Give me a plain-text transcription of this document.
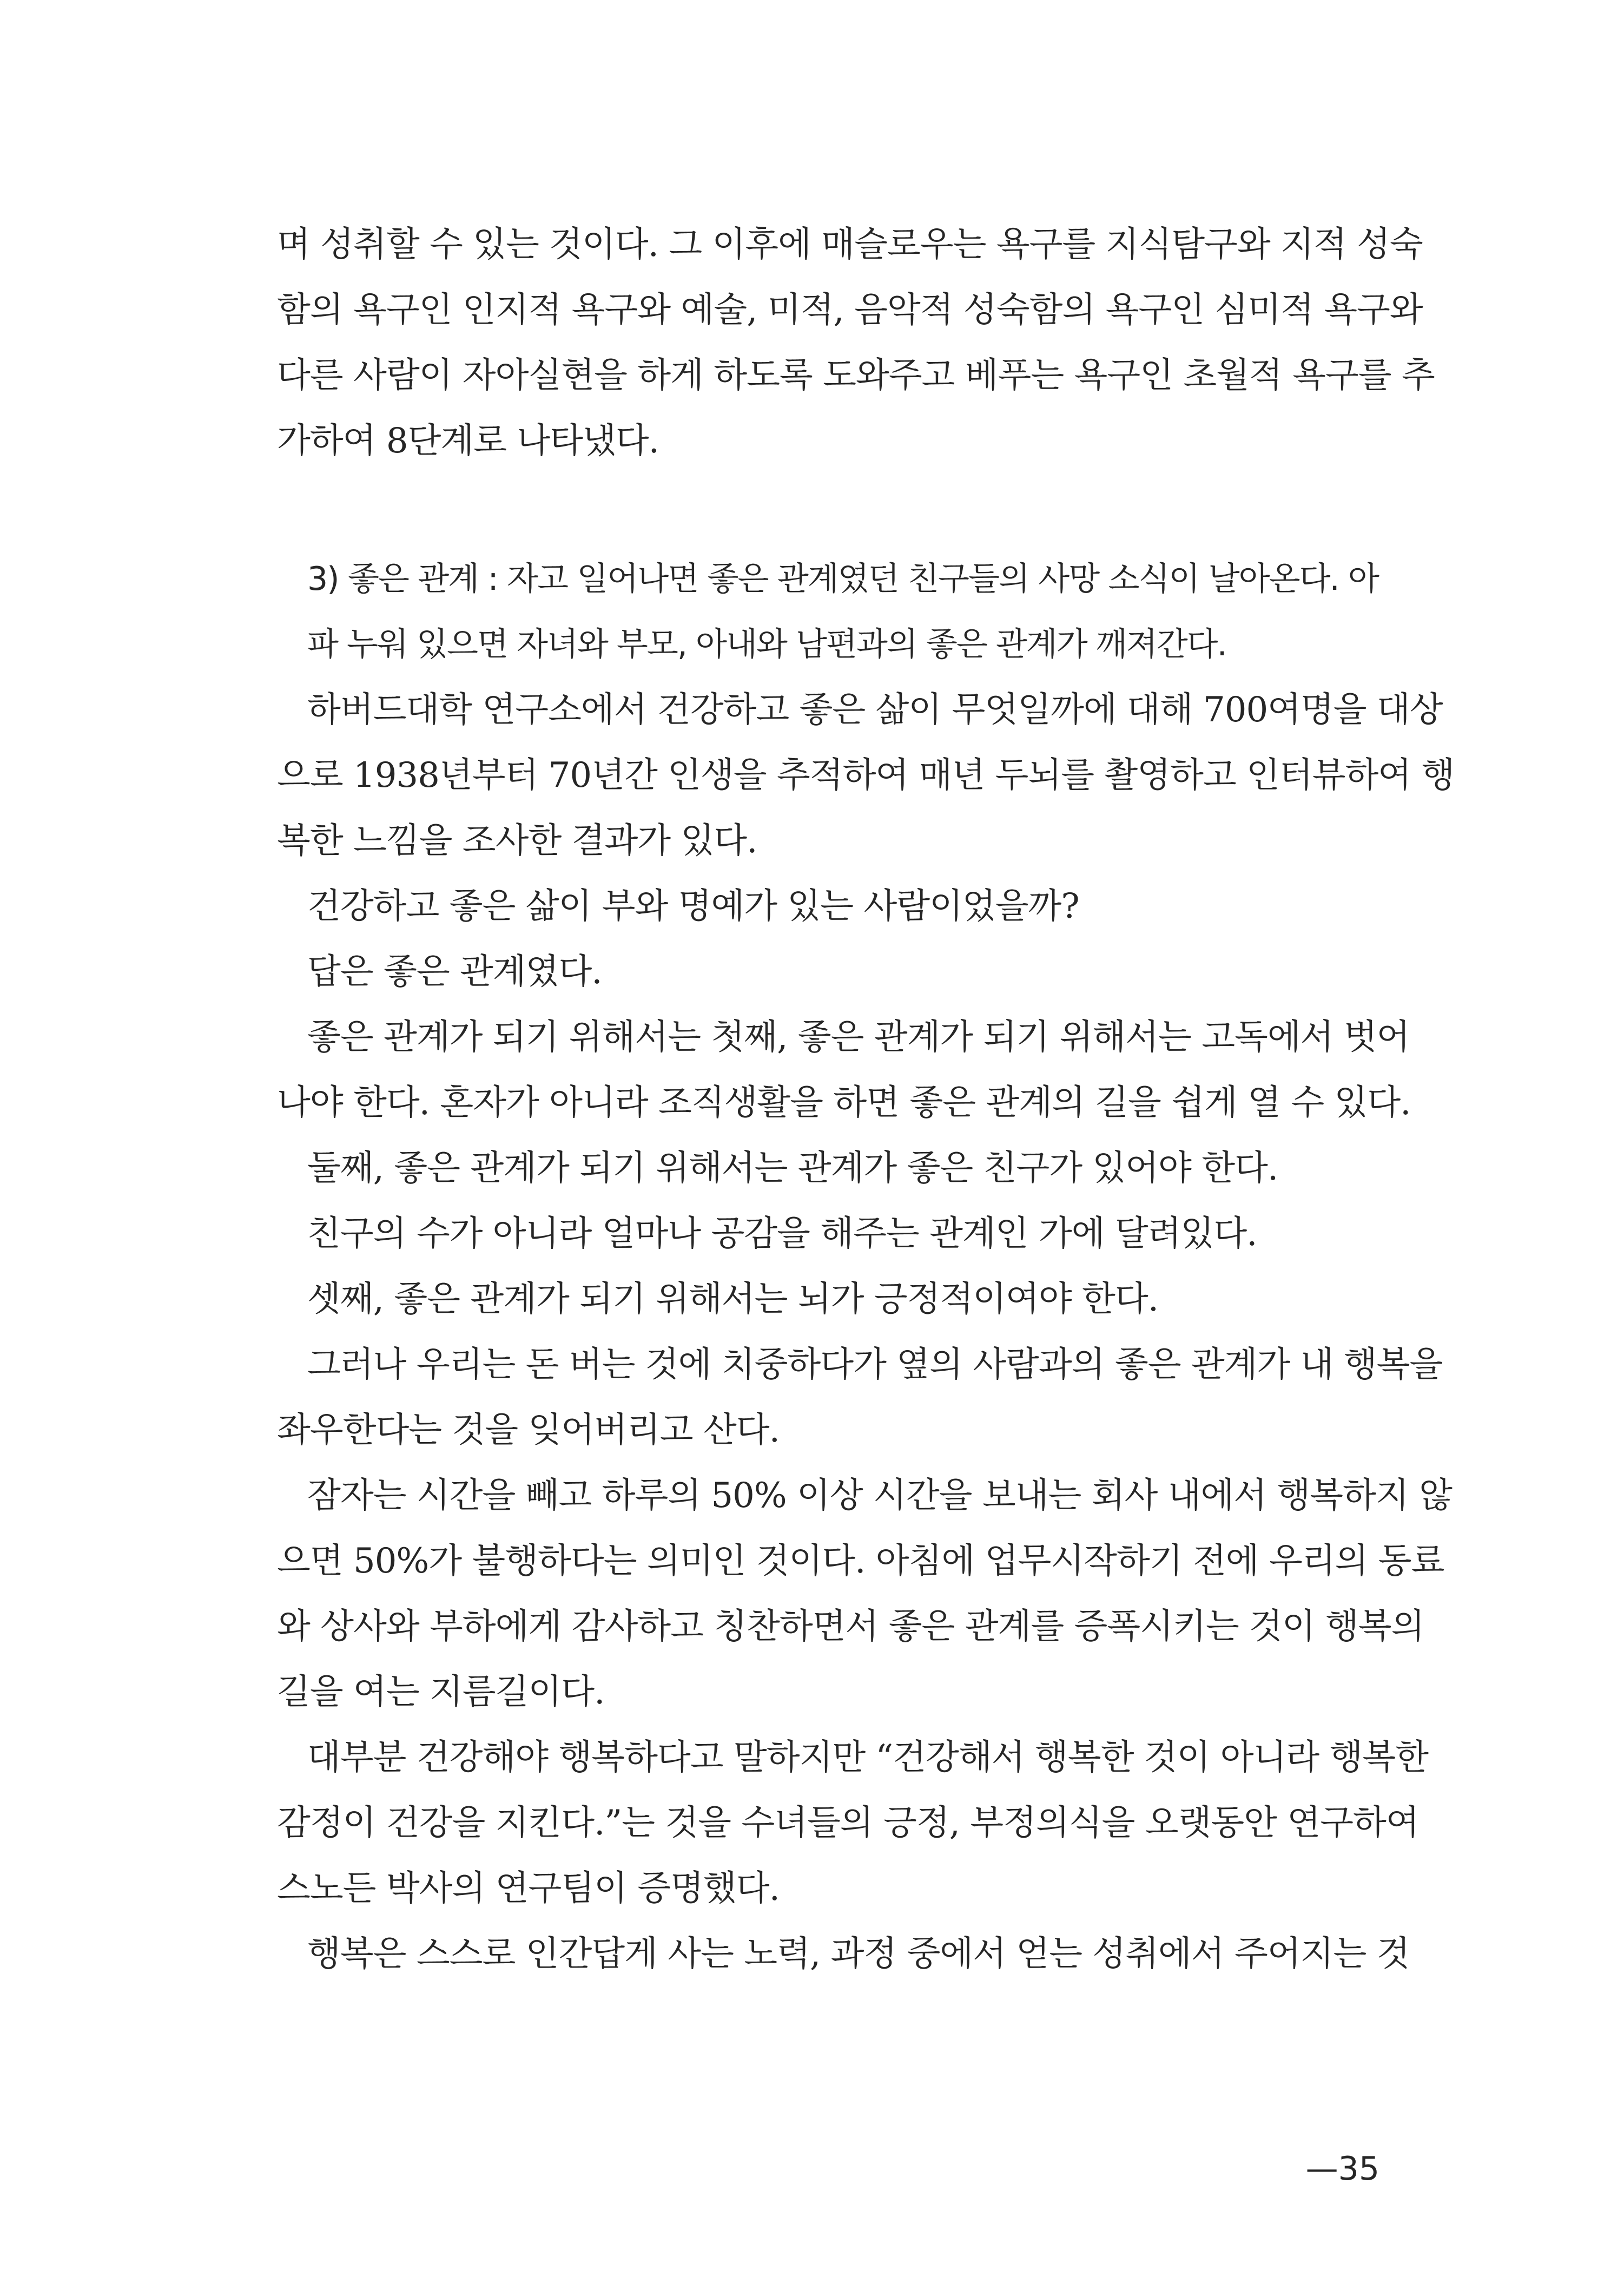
며 성취할 수 있는 것이다. 그 이후에 매슬로우는 욕구를 지식탐구와 지적 성숙
함의 욕구인 인지적 욕구와 예술, 미적, 음악적 성숙함의 욕구인 심미적 욕구와
다른 사람이 자아실현을 하게 하도록 도와주고 베푸는 욕구인 초월적 욕구를 추
가하여 8단계로 나타냈다.
3) 좋은 관계 : 자고 일어나면 좋은 관계였던 친구들의 사망 소식이 날아온다. 아
파 누워 있으면 자녀와 부모, 아내와 남편과의 좋은 관계가 깨져간다.
하버드대학 연구소에서 건강하고 좋은 삶이 무엇일까에 대해 700여명을 대상
으로 1938년부터 70년간 인생을 추적하여 매년 두뇌를 촬영하고 인터뷰하여 행
복한 느낌을 조사한 결과가 있다.
건강하고 좋은 삶이 부와 명예가 있는 사람이었을까?
답은 좋은 관계였다.
좋은 관계가 되기 위해서는 첫째, 좋은 관계가 되기 위해서는 고독에서 벗어
나야 한다. 혼자가 아니라 조직생활을 하면 좋은 관계의 길을 쉽게 열 수 있다.
둘째, 좋은 관계가 되기 위해서는 관계가 좋은 친구가 있어야 한다.
친구의 수가 아니라 얼마나 공감을 해주는 관계인 가에 달려있다.
셋째, 좋은 관계가 되기 위해서는 뇌가 긍정적이여야 한다.
그러나 우리는 돈 버는 것에 치중하다가 옆의 사람과의 좋은 관계가 내 행복을
좌우한다는 것을 잊어버리고 산다.
잠자는 시간을 빼고 하루의 50% 이상 시간을 보내는 회사 내에서 행복하지 않
으면 50%가 불행하다는 의미인 것이다. 아침에 업무시작하기 전에 우리의 동료
와 상사와 부하에게 감사하고 칭찬하면서 좋은 관계를 증폭시키는 것이 행복의
길을 여는 지름길이다.
대부분 건강해야 행복하다고 말하지만 “건강해서 행복한 것이 아니라 행복한
감정이 건강을 지킨다.”는 것을 수녀들의 긍정, 부정의식을 오랫동안 연구하여
스노든 박사의 연구팀이 증명했다.
행복은 스스로 인간답게 사는 노력, 과정 중에서 얻는 성취에서 주어지는 것
—35
